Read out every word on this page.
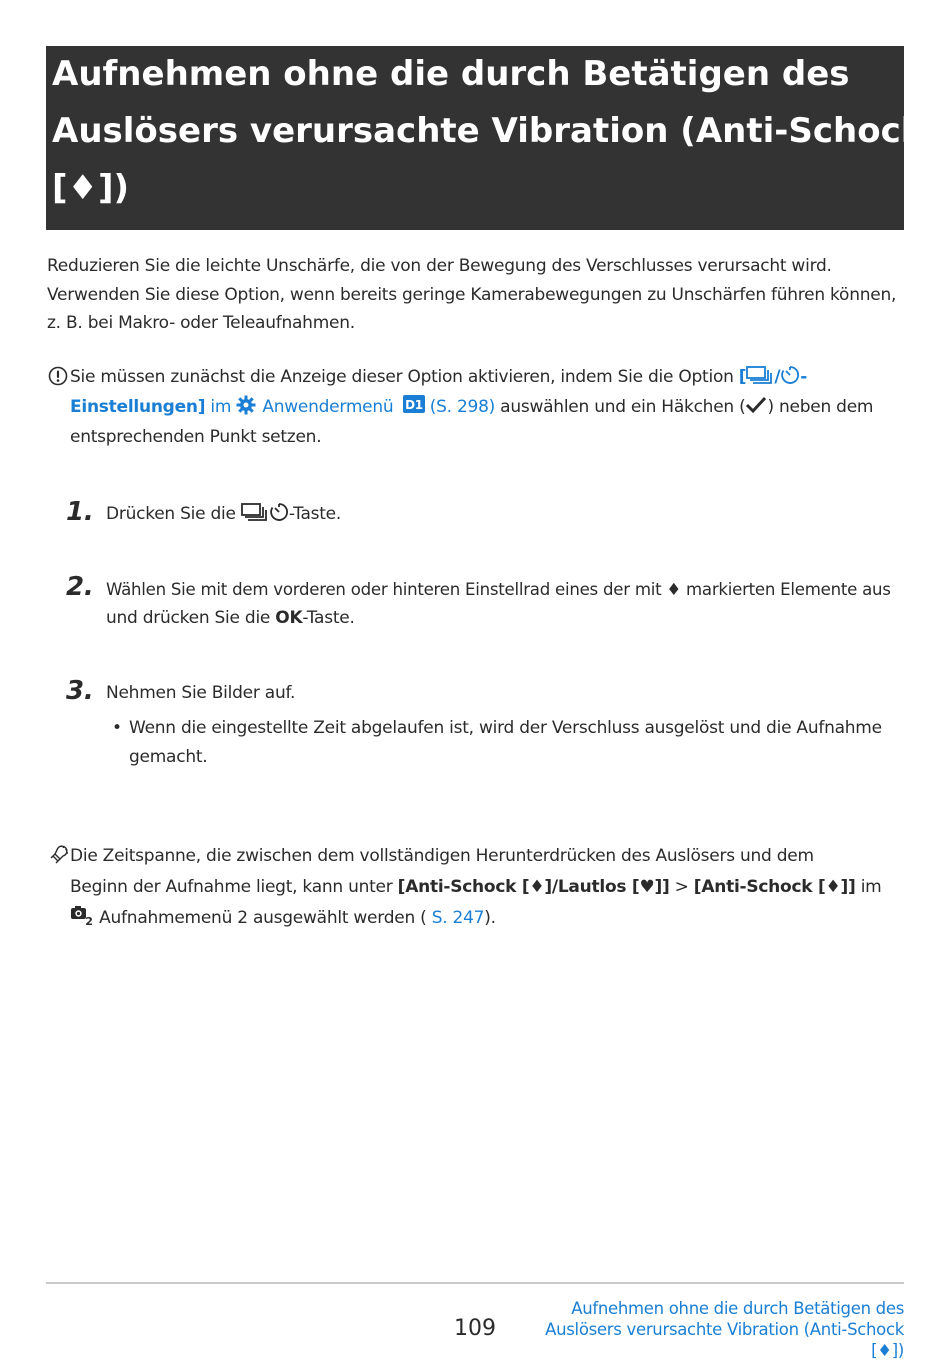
Aufnehmen ohne die durch Betätigen des
Auslösers verursachte Vibration (Anti-Schock
[♦])
Reduzieren Sie die leichte Unschärfe, die von der Bewegung des Verschlusses verursacht wird.
Verwenden Sie diese Option, wenn bereits geringe Kamerabewegungen zu Unschärfen führen können,
z. B. bei Makro- oder Teleaufnahmen.
Sie müssen zunächst die Anzeige dieser Option aktivieren, indem Sie die Option [ / -
Einstellungen] im Anwendermenü D1 (S. 298) auswählen und ein Häkchen ( ) neben dem
entsprechenden Punkt setzen.
1. Drücken Sie die	-Taste.
2. Wählen Sie mit dem vorderen oder hinteren Einstellrad eines der mit ♦ markierten Elemente aus
und drücken Sie die OK-Taste.
3. Nehmen Sie Bilder auf.
• Wenn die eingestellte Zeit abgelaufen ist, wird der Verschluss ausgelöst und die Aufnahme
gemacht.
Die Zeitspanne, die zwischen dem vollständigen Herunterdrücken des Auslösers und dem
Beginn der Aufnahme liegt, kann unter [Anti-Schock [♦]/Lautlos [♥]] > [Anti-Schock [♦]] im
2 Aufnahmemenü 2 ausgewählt werden ( S. 247).
109
Aufnehmen ohne die durch Betätigen des
Auslösers verursachte Vibration (Anti-Schock
[♦])
